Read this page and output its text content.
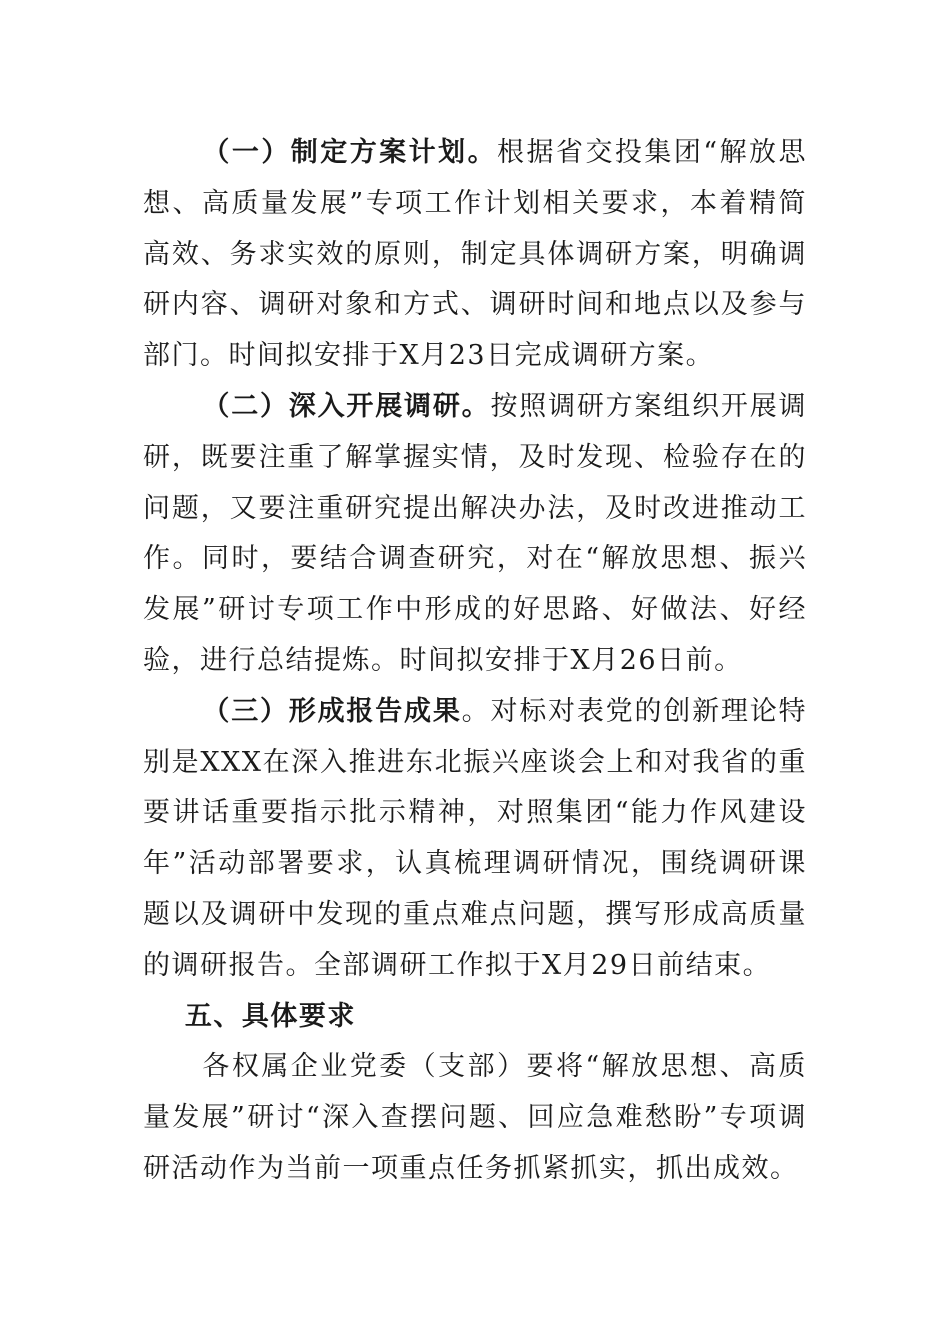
（一）制定方案计划。根据省交投集团“解放思想、高质量发展”专项工作计划相关要求，本着精简高效、务求实效的原则，制定具体调研方案，明确调研内容、调研对象和方式、调研时间和地点以及参与部门。时间拟安排于X月23日完成调研方案。

（二）深入开展调研。按照调研方案组织开展调研，既要注重了解掌握实情，及时发现、检验存在的问题，又要注重研究提出解决办法，及时改进推动工作。同时，要结合调查研究，对在“解放思想、振兴发展”研讨专项工作中形成的好思路、好做法、好经验，进行总结提炼。时间拟安排于X月26日前。

（三）形成报告成果。对标对表党的创新理论特别是XXX在深入推进东北振兴座谈会上和对我省的重要讲话重要指示批示精神，对照集团“能力作风建设年”活动部署要求，认真梳理调研情况，围绕调研课题以及调研中发现的重点难点问题，撰写形成高质量的调研报告。全部调研工作拟于X月29日前结束。

五、具体要求

各权属企业党委（支部）要将“解放思想、高质量发展”研讨“深入查摆问题、回应急难愁盼”专项调研活动作为当前一项重点任务抓紧抓实，抓出成效。
